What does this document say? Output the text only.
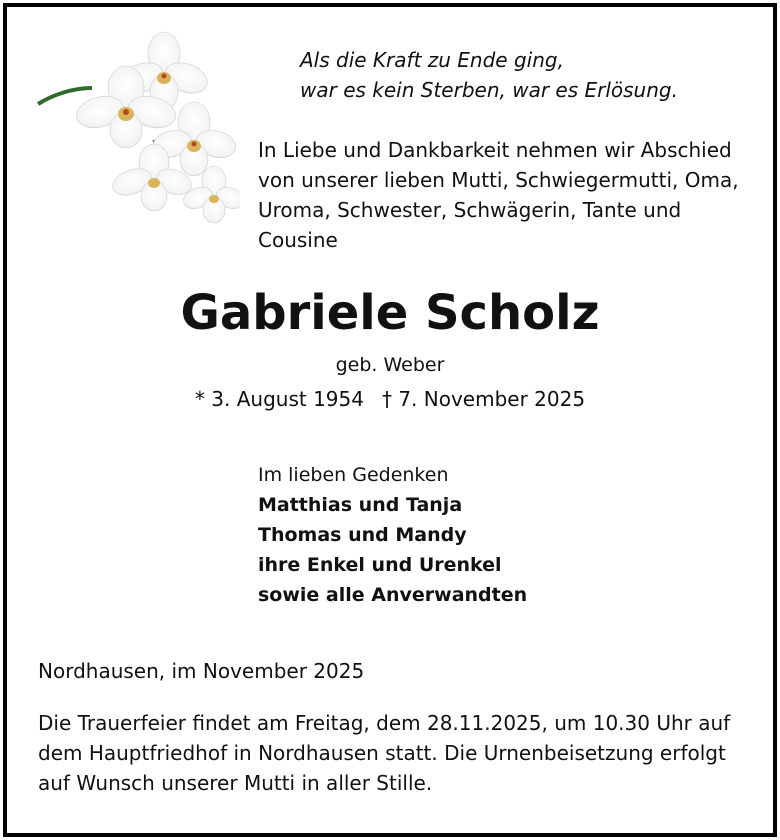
Als die Kraft zu Ende ging,
war es kein Sterben, war es Erlösung.
In Liebe und Dankbarkeit nehmen wir Abschied
von unserer lieben Mutti, Schwiegermutti, Oma,
Uroma, Schwester, Schwägerin, Tante und
Cousine
Gabriele Scholz
geb. Weber
* 3. August 1954 † 7. November 2025
Im lieben Gedenken
Matthias und Tanja
Thomas und Mandy
ihre Enkel und Urenkel
sowie alle Anverwandten
Nordhausen, im November 2025
Die Trauerfeier findet am Freitag, dem 28.11.2025, um 10.30 Uhr auf
dem Hauptfriedhof in Nordhausen statt. Die Urnenbeisetzung erfolgt
auf Wunsch unserer Mutti in aller Stille.
